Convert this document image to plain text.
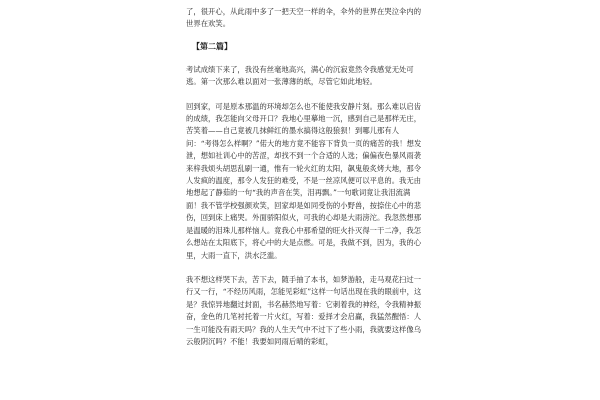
了，很开心，从此雨中多了一把天空一样的伞，伞外的世界在哭泣伞内的世界在欢笑。

【第二篇】

考试成绩下来了，我没有丝毫地高兴，满心的沉寂竟然令我感觉无处可逃。第一次那么难以面对一张薄薄的纸，尽管它如此地轻。

回到家，可是原本那温的环境却怎么也不能使我安静片刻。那么难以启齿的成绩，我怎能向父母开口？我地心里摹地一沉，感到自己是那样无庄，苦笑着——自己竟被几抹鲜红的墨水搞得这般狼狈！到哪儿那有人问：“考得怎么样啊？”偌大的地方竟不能容下背负一页的痛苦的我！想发泄，想如社训心中的苦涩，却找不到一个合适的人选；偏偏夜色暴风雨袭来梓我烦头胡思乱刷一通，惟有一轮火红的太阳，飙鬼般炙烤大地，那令人发疯的温度，那令人发狂的难受，不是一丝凉风便可以平息的。我无由地想起了静茹的一句“我的声音在笑，泪再飘。”一句歌词竟让我泪流满面！我不管学校强颜欢笑，回家却是如同受伤的小野兽，按捺住心中的悲伤，回到床上痛哭。外面骄阳似火，可我的心却是大雨滂沱。我忽然想那是温暖的泪珠儿那样恼人。竟我心中那希望的旺火扑灭得一干二净，我怎么想站在太阳底下，将心中的大是点燃。可是，我做不到，因为，我的心里，大雨一直下，洪水泛滥。

我不想这样哭下去，苦下去，随手抽了本书，如梦游般，走马观花扫过一行又一行，“不经历风雨，怎能见彩虹”这样一句话出现在我的眼前中，这是？我惊异地翻过封面，书名赫然地写着：它刺着我的神经，令我精神振奋，金色的几笔衬托着一片火红，写着：爱择才会启赢，我猛然醒悟：人一生可能没有雨天吗？我的人生天气中不过下了些小雨，我就要这样像乌云般阴沉吗？不能！我要如同雨后晴的彩虹，
